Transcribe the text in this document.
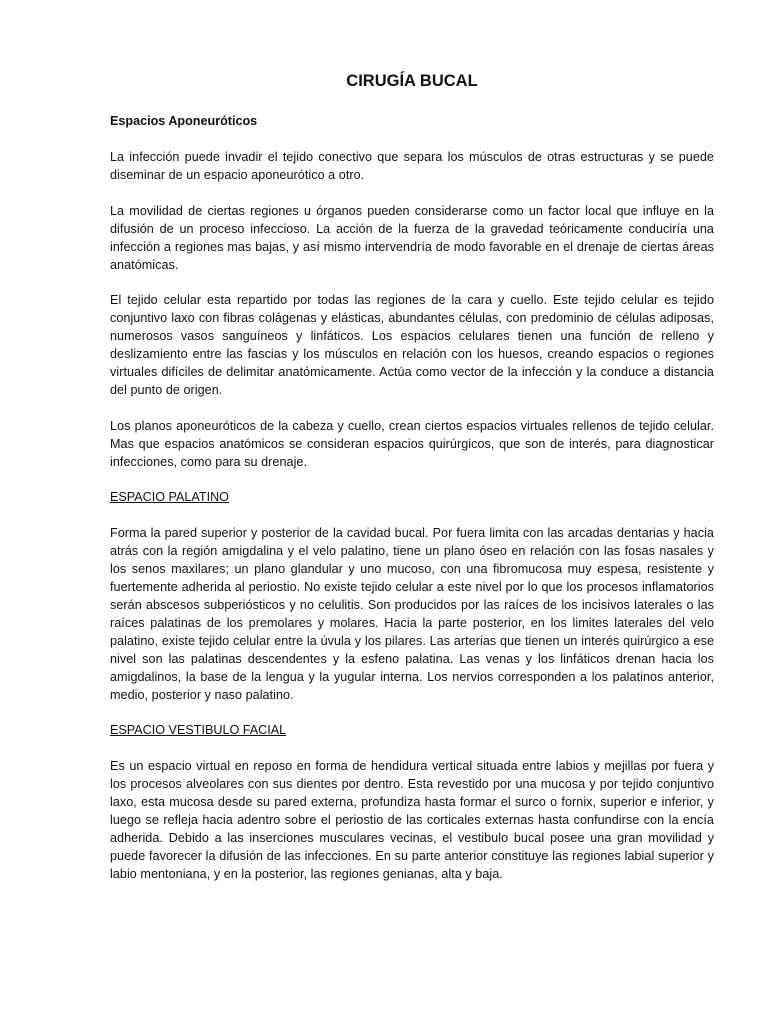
CIRUGÍA BUCAL
Espacios Aponeuróticos

La infección puede invadir el tejido conectivo que separa los músculos de otras estructuras y se puede diseminar de un espacio aponeurótico a otro.

La movilidad de ciertas regiones u órganos pueden considerarse como un factor local que influye en la difusión de un proceso infeccioso. La acción de la fuerza de la gravedad teóricamente conduciría una infección a regiones mas bajas, y así mismo intervendría de modo favorable en el drenaje de ciertas áreas anatómicas.

El tejido celular esta repartido por todas las regiones de la cara y cuello. Este tejido celular es tejido conjuntivo laxo con fibras colágenas y elásticas, abundantes células, con predominio de células adiposas, numerosos vasos sanguíneos y linfáticos. Los espacios celulares tienen una función de relleno y deslizamiento entre las fascias y los músculos en relación con los huesos, creando espacios o regiones virtuales difíciles de delimitar anatómicamente. Actúa como vector de la infección y la conduce a distancia del punto de origen.

Los planos aponeuróticos de la cabeza y cuello, crean ciertos espacios virtuales rellenos de tejido celular. Mas que espacios anatómicos se consideran espacios quirúrgicos, que son de interés, para diagnosticar infecciones, como para su drenaje.

ESPACIO PALATINO

Forma la pared superior y posterior de la cavidad bucal. Por fuera limita con las arcadas dentarias y hacia atrás con la región amigdalina y el velo palatino, tiene un plano óseo en relación con las fosas nasales y los senos maxilares; un plano glandular y uno mucoso, con una fibromucosa muy espesa, resistente y fuertemente adherida al periostio. No existe tejido celular a este nivel por lo que los procesos inflamatorios serán abscesos subperiósticos y no celulitis. Son producidos por las raíces de los incisivos laterales o las raíces palatinas de los premolares y molares. Hacia la parte posterior, en los limites laterales del velo palatino, existe tejido celular entre la úvula y los pilares. Las arterias que tienen un interés quirúrgico a ese nivel son las palatinas descendentes y la esfeno palatina. Las venas y los linfáticos drenan hacia los amigdalinos, la base de la lengua y la yugular interna. Los nervios corresponden a los palatinos anterior, medio, posterior y naso palatino.

ESPACIO VESTIBULO FACIAL

Es un espacio virtual en reposo en forma de hendidura vertical situada entre labios y mejillas por fuera y los procesos alveolares con sus dientes por dentro. Esta revestido por una mucosa y por tejido conjuntivo laxo, esta mucosa desde su pared externa, profundiza hasta formar el surco o fornix, superior e inferior, y luego se refleja hacia adentro sobre el periostio de las corticales externas hasta confundirse con la encía adherida. Debido a las inserciones musculares vecinas, el vestibulo bucal posee una gran movilidad y puede favorecer la difusión de las infecciones. En su parte anterior constituye las regiones labial superior y labio mentoniana, y en la posterior, las regiones genianas, alta y baja.
